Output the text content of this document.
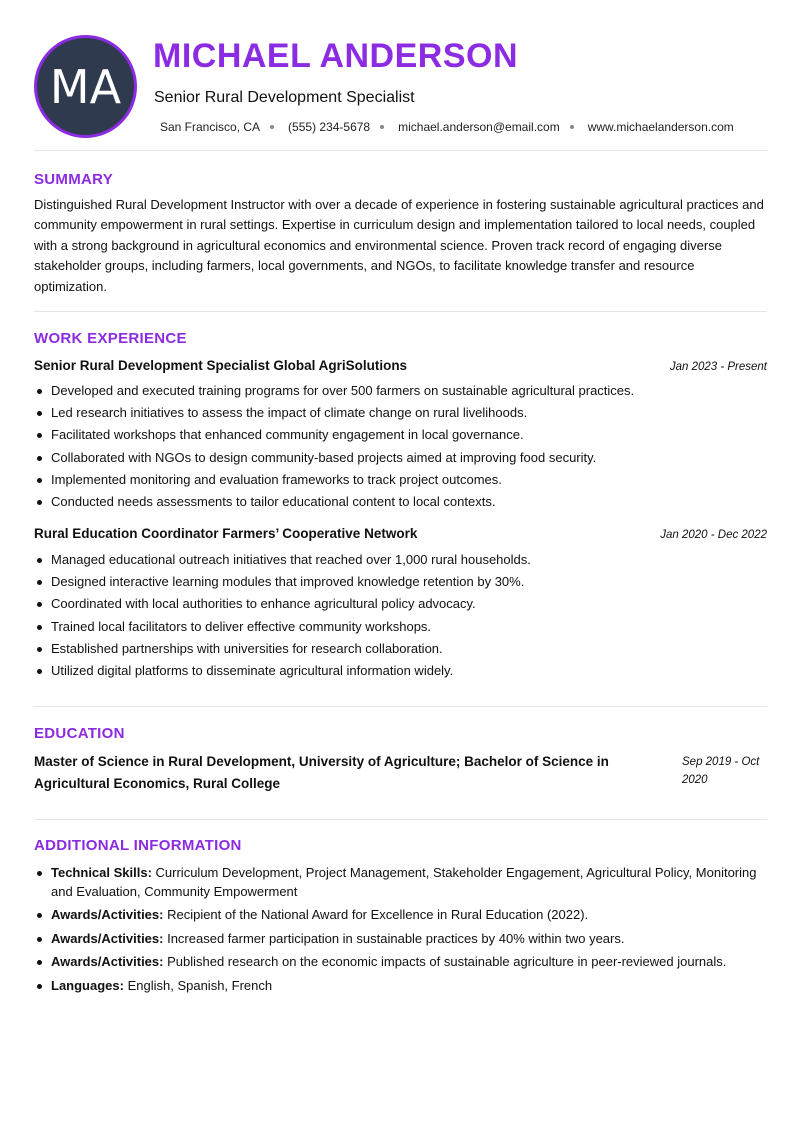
MA
MICHAEL ANDERSON
Senior Rural Development Specialist
San Francisco, CA (555) 234-5678 michael.anderson@email.com www.michaelanderson.com
SUMMARY
Distinguished Rural Development Instructor with over a decade of experience in fostering sustainable agricultural practices and community empowerment in rural settings. Expertise in curriculum design and implementation tailored to local needs, coupled with a strong background in agricultural economics and environmental science. Proven track record of engaging diverse stakeholder groups, including farmers, local governments, and NGOs, to facilitate knowledge transfer and resource optimization.
WORK EXPERIENCE
Senior Rural Development Specialist Global AgriSolutions	Jan 2023 - Present
Developed and executed training programs for over 500 farmers on sustainable agricultural practices.
Led research initiatives to assess the impact of climate change on rural livelihoods.
Facilitated workshops that enhanced community engagement in local governance.
Collaborated with NGOs to design community-based projects aimed at improving food security.
Implemented monitoring and evaluation frameworks to track project outcomes.
Conducted needs assessments to tailor educational content to local contexts.
Rural Education Coordinator Farmers’ Cooperative Network	Jan 2020 - Dec 2022
Managed educational outreach initiatives that reached over 1,000 rural households.
Designed interactive learning modules that improved knowledge retention by 30%.
Coordinated with local authorities to enhance agricultural policy advocacy.
Trained local facilitators to deliver effective community workshops.
Established partnerships with universities for research collaboration.
Utilized digital platforms to disseminate agricultural information widely.
EDUCATION
Master of Science in Rural Development, University of Agriculture; Bachelor of Science in Agricultural Economics, Rural College
Sep 2019 - Oct 2020
ADDITIONAL INFORMATION
Technical Skills: Curriculum Development, Project Management, Stakeholder Engagement, Agricultural Policy, Monitoring and Evaluation, Community Empowerment
Awards/Activities: Recipient of the National Award for Excellence in Rural Education (2022).
Awards/Activities: Increased farmer participation in sustainable practices by 40% within two years.
Awards/Activities: Published research on the economic impacts of sustainable agriculture in peer-reviewed journals.
Languages: English, Spanish, French
